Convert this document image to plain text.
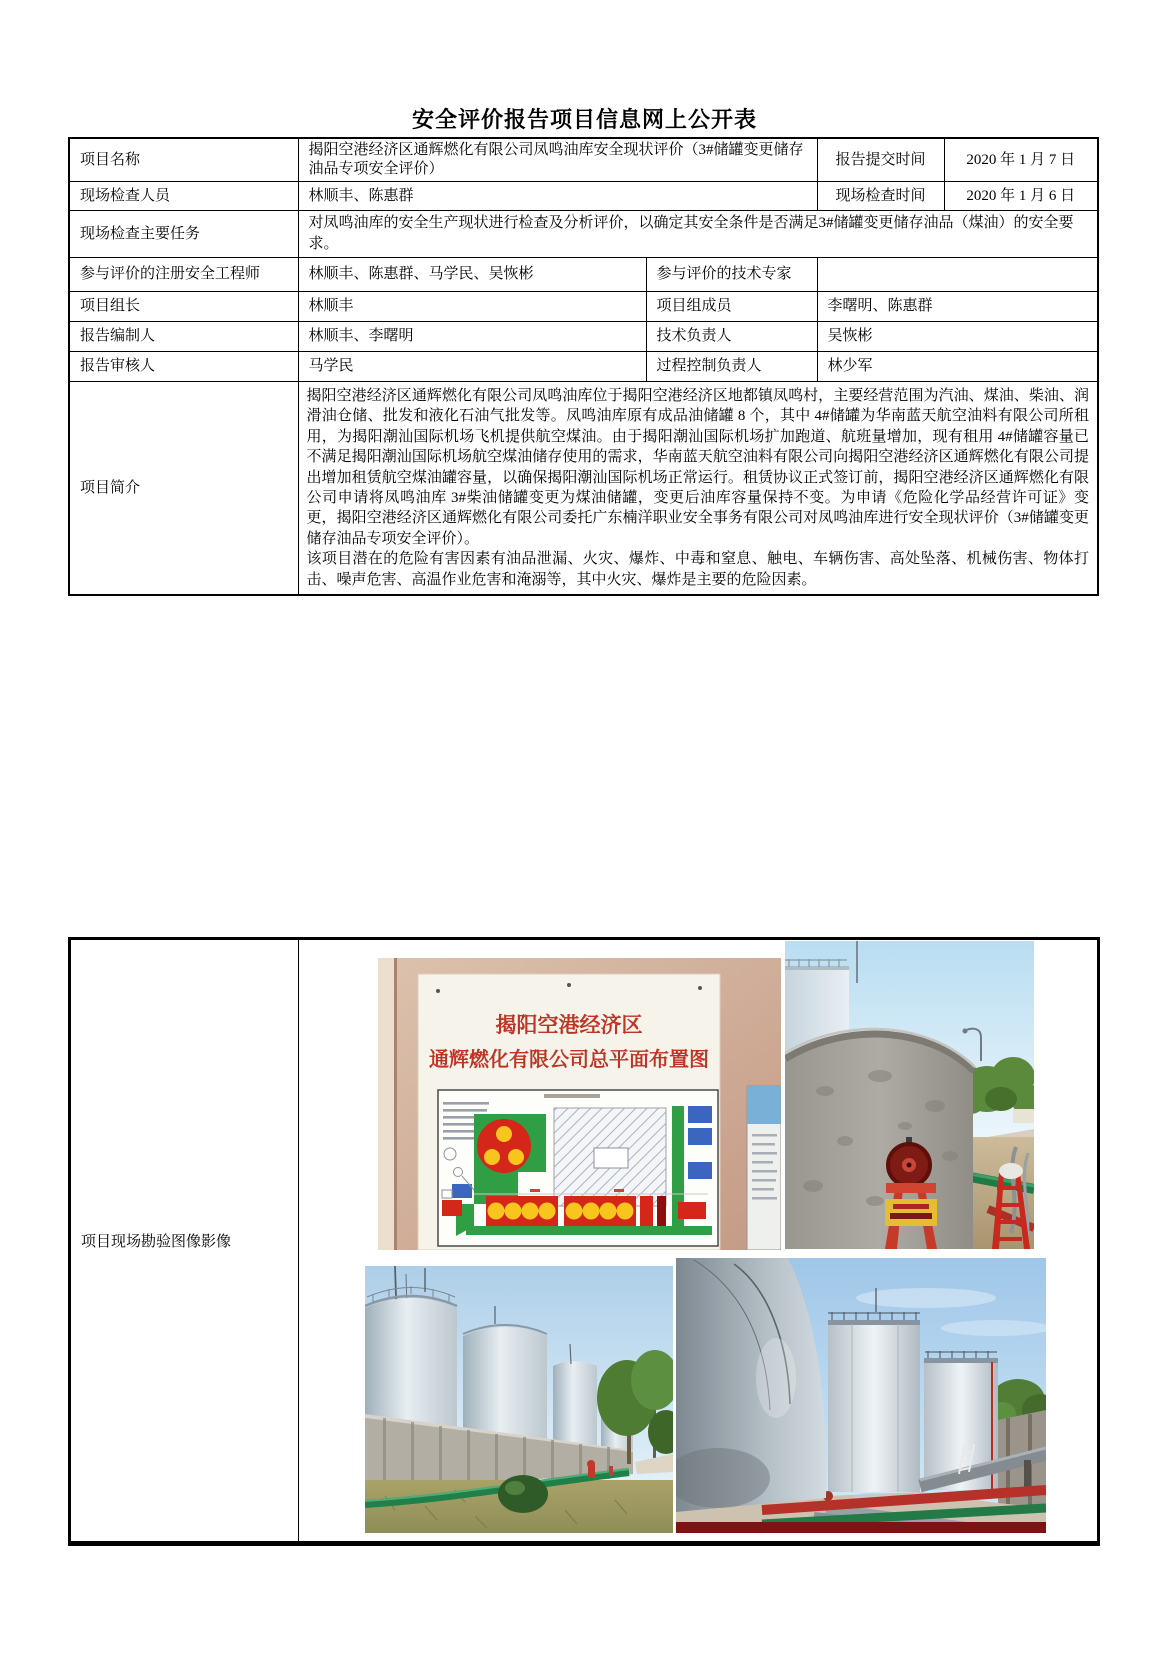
安全评价报告项目信息网上公开表
项目名称	揭阳空港经济区通辉燃化有限公司凤鸣油库安全现状评价（3#储罐变更储存油品专项安全评价）		报告提交时间	2020 年 1 月 7 日
现场检查人员	林顺丰、陈惠群		现场检查时间	2020 年 1 月 6 日
现场检查主要任务	对凤鸣油库的安全生产现状进行检查及分析评价，以确定其安全条件是否满足3#储罐变更储存油品（煤油）的安全要求。			
参与评价的注册安全工程师	林顺丰、陈惠群、马学民、吴恢彬	参与评价的技术专家		
项目组长	林顺丰	项目组成员	李曙明、陈惠群	
报告编制人	林顺丰、李曙明	技术负责人	吴恢彬	
报告审核人	马学民	过程控制负责人	林少军	
项目简介	揭阳空港经济区通辉燃化有限公司凤鸣油库位于揭阳空港经济区地都镇凤鸣村，主要经营范围为汽油、煤油、柴油、润滑油仓储、批发和液化石油气批发等。凤鸣油库原有成品油储罐 8 个，其中 4#储罐为华南蓝天航空油料有限公司所租用，为揭阳潮汕国际机场飞机提供航空煤油。由于揭阳潮汕国际机场扩加跑道、航班量增加，现有租用 4#储罐容量已不满足揭阳潮汕国际机场航空煤油储存使用的需求，华南蓝天航空油料有限公司向揭阳空港经济区通辉燃化有限公司提出增加租赁航空煤油罐容量，以确保揭阳潮汕国际机场正常运行。租赁协议正式签订前，揭阳空港经济区通辉燃化有限公司申请将凤鸣油库 3#柴油储罐变更为煤油储罐，变更后油库容量保持不变。为申请《危险化学品经营许可证》变更，揭阳空港经济区通辉燃化有限公司委托广东楠洋职业安全事务有限公司对凤鸣油库进行安全现状评价（3#储罐变更储存油品专项安全评价）。

该项目潜在的危险有害因素有油品泄漏、火灾、爆炸、中毒和窒息、触电、车辆伤害、高处坠落、机械伤害、物体打击、噪声危害、高温作业危害和淹溺等，其中火灾、爆炸是主要的危险因素。			

项目现场勘验图像影像	
揭阳空港经济区
通辉燃化有限公司总平面布置图
